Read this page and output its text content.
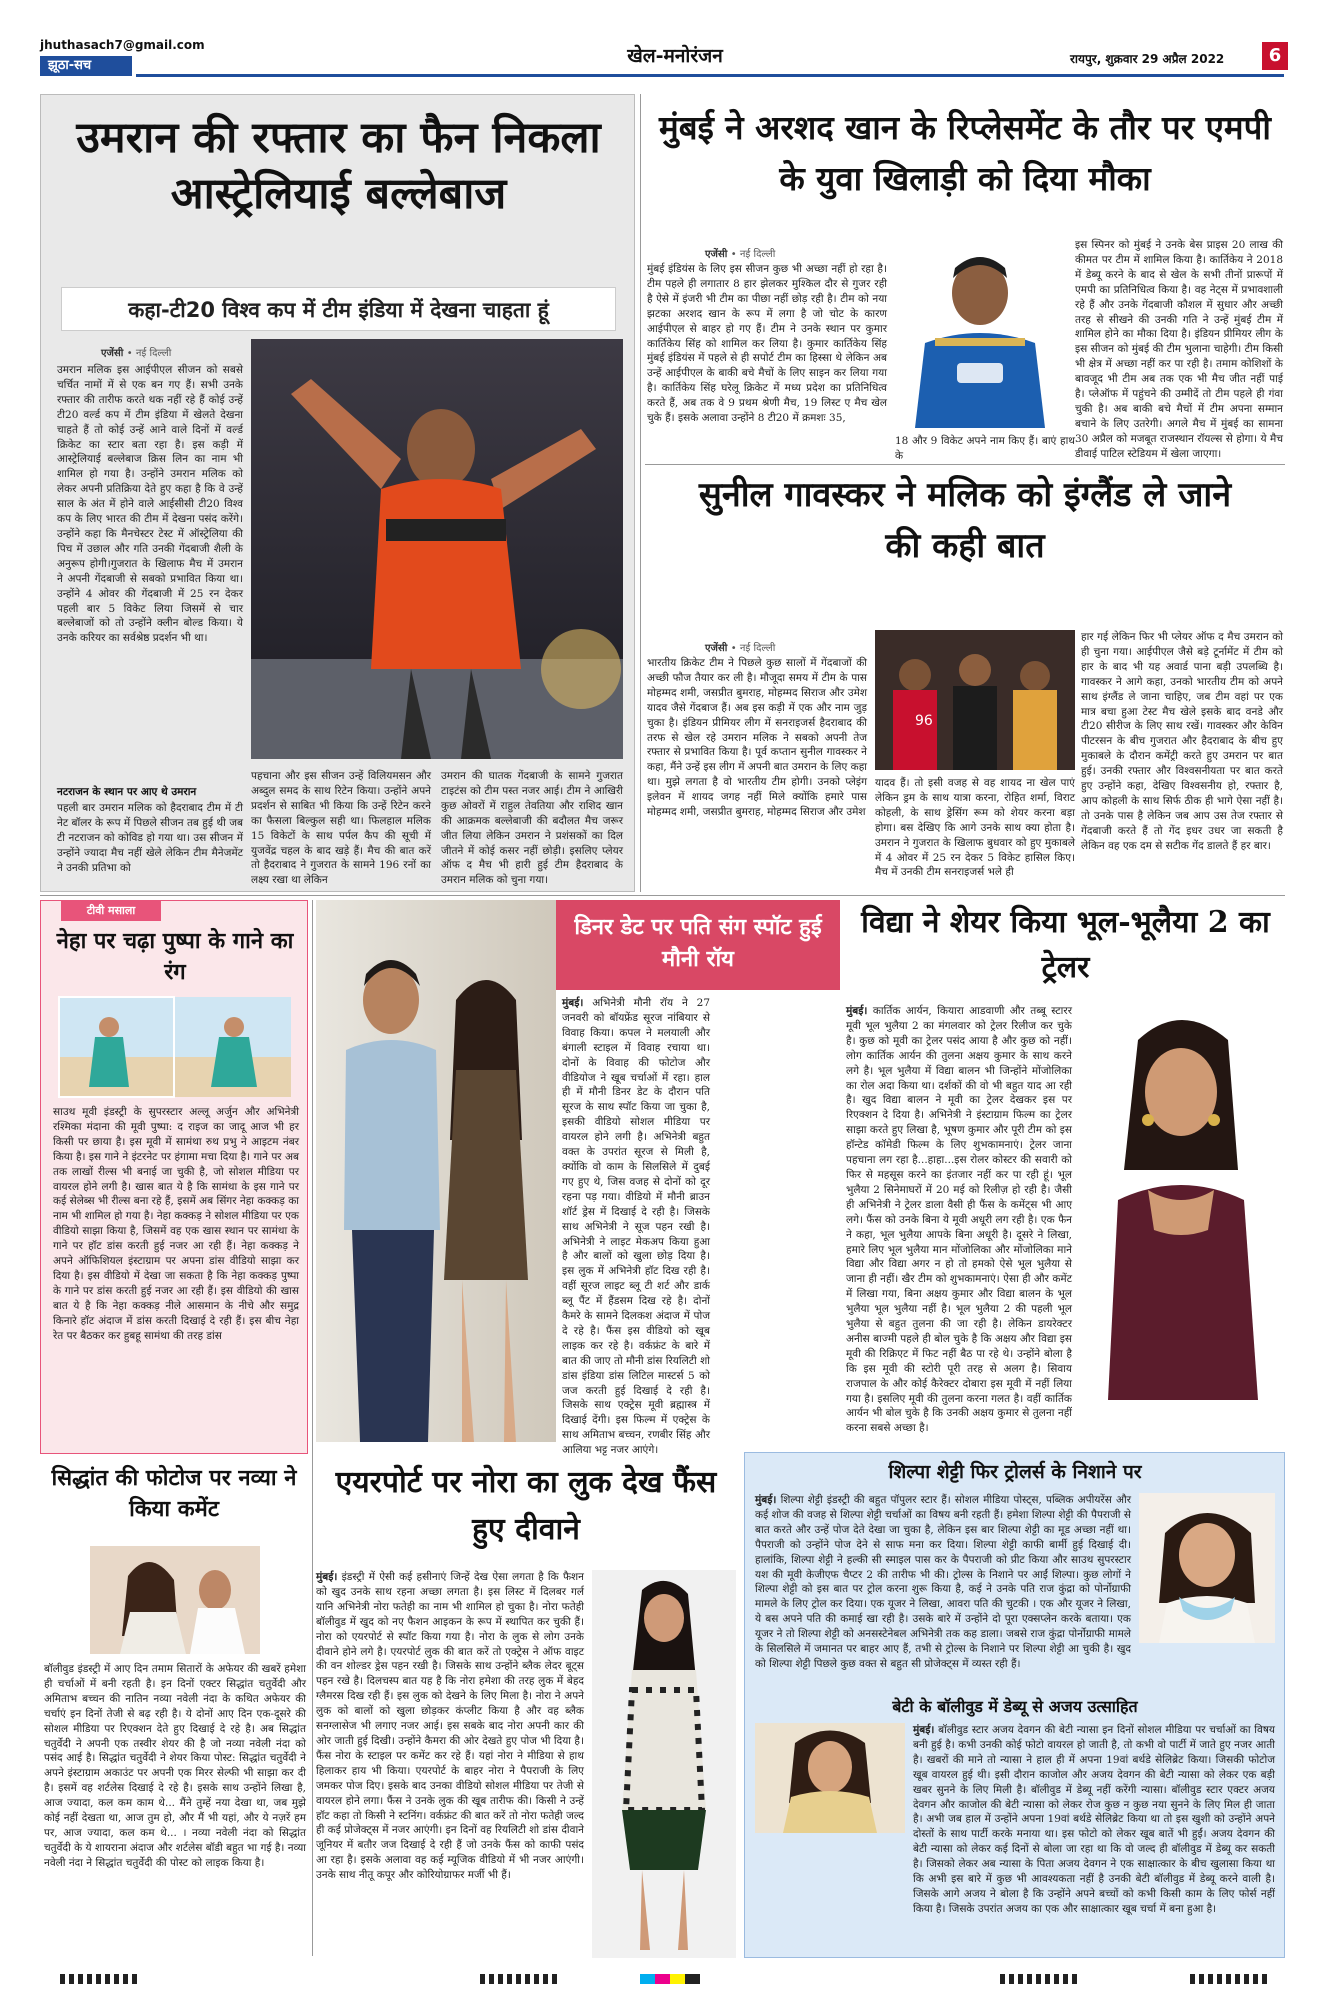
jhuthasach7@gmail.com
झूठा-सच	खेल-मनोरंजन	रायपुर, शुक्रवार 29 अप्रैल 2022	6
उमरान की रफ्तार का फैन निकला आस्ट्रेलियाई बल्लेबाज
कहा-टी20 विश्व कप में टीम इंडिया में देखना चाहता हूं
एजेंसी • नई दिल्ली
उमरान मलिक इस आईपीएल सीजन को सबसे चर्चित नामों में से एक बन गए हैं। सभी उनके रफ्तार की तारीफ करते थक नहीं रहे हैं कोई उन्हें टी20 वर्ल्ड कप में टीम इंडिया में खेलते देखना चाहते हैं तो कोई उन्हें आने वाले दिनों में वर्ल्ड क्रिकेट का स्टार बता रहा है। इस कड़ी में आस्ट्रेलियाई बल्लेबाज क्रिस लिन का नाम भी शामिल हो गया है। उन्होंने उमरान मलिक को लेकर अपनी प्रतिक्रिया देते हुए कहा है कि वे उन्हें साल के अंत में होने वाले आईसीसी टी20 विश्व कप के लिए भारत की टीम में देखना पसंद करेंगे। उन्होंने कहा कि मैनचेस्टर टेस्ट में ऑस्ट्रेलिया की पिच में उछाल और गति उनकी गेंदबाजी शैली के अनुरूप होगी।गुजरात के खिलाफ मैच में उमरान ने अपनी गेंदबाजी से सबको प्रभावित किया था। उन्होंने 4 ओवर की गेंदबाजी में 25 रन देकर पहली बार 5 विकेट लिया जिसमें से चार बल्लेबाजों को तो उन्होंने क्लीन बोल्ड किया। ये उनके करियर का सर्वश्रेष्ठ प्रदर्शन भी था।
नटराजन के स्थान पर आए थे उमरान
पहली बार उमरान मलिक को हैदराबाद टीम में टी नेट बॉलर के रूप में पिछले सीजन तब हुई थी जब टी नटराजन को कोविड हो गया था। उस सीजन में उन्होंने ज्यादा मैच नहीं खेले लेकिन टीम मैनेजमेंट ने उनकी प्रतिभा को
पहचाना और इस सीजन उन्हें विलियमसन और अब्दुल समद के साथ रिटेन किया। उन्होंने अपने प्रदर्शन से साबित भी किया कि उन्हें रिटेन करने का फैसला बिल्कुल सही था। फिलहाल मलिक 15 विकेटों के साथ पर्पल कैप की सूची में युजवेंद्र चहल के बाद खड़े हैं। मैच की बात करें तो हैदराबाद ने गुजरात के सामने 196 रनों का लक्ष्य रखा था लेकिन
उमरान की घातक गेंदबाजी के सामने गुजरात टाइटंस को टीम पस्त नजर आई। टीम ने आखिरी कुछ ओवरों में राहुल तेवतिया और राशिद खान की आक्रमक बल्लेबाजी की बदौलत मैच जरूर जीत लिया लेकिन उमरान ने प्रशंसकों का दिल जीतने में कोई कसर नहीं छोड़ी। इसलिए प्लेयर ऑफ द मैच भी हारी हुई टीम हैदराबाद के उमरान मलिक को चुना गया।
मुंबई ने अरशद खान के रिप्लेसमेंट के तौर पर एमपी के युवा खिलाड़ी को दिया मौका
एजेंसी • नई दिल्ली
मुंबई इंडियंस के लिए इस सीजन कुछ भी अच्छा नहीं हो रहा है। टीम पहले ही लगातार 8 हार झेलकर मुश्किल दौर से गुजर रही है ऐसे में इंजरी भी टीम का पीछा नहीं छोड़ रही है। टीम को नया झटका अरशद खान के रूप में लगा है जो चोट के कारण आईपीएल से बाहर हो गए हैं। टीम ने उनके स्थान पर कुमार कार्तिकेय सिंह को शामिल कर लिया है। कुमार कार्तिकेय सिंह मुंबई इंडियंस में पहले से ही सपोर्ट टीम का हिस्सा थे लेकिन अब उन्हें आईपीएल के बाकी बचे मैचों के लिए साइन कर लिया गया है। कार्तिकेय सिंह घरेलू क्रिकेट में मध्य प्रदेश का प्रतिनिधित्व करते हैं, अब तक वे 9 प्रथम श्रेणी मैच, 19 लिस्ट ए मैच खेल चुके हैं। इसके अलावा उन्होंने 8 टी20 में क्रमशः 35,
18 और 9 विकेट अपने नाम किए हैं। बाएं हाथ के
इस स्पिनर को मुंबई ने उनके बेस प्राइस 20 लाख की कीमत पर टीम में शामिल किया है। कार्तिकेय ने 2018 में डेब्यू करने के बाद से खेल के सभी तीनों प्रारूपों में एमपी का प्रतिनिधित्व किया है। वह नेट्स में प्रभावशाली रहे हैं और उनके गेंदबाजी कौशल में सुधार और अच्छी तरह से सीखने की उनकी गति ने उन्हें मुंबई टीम में शामिल होने का मौका दिया है। इंडियन प्रीमियर लीग के इस सीजन को मुंबई की टीम भुलाना चाहेगी। टीम किसी भी क्षेत्र में अच्छा नहीं कर पा रही है। तमाम कोशिशों के बावजूद भी टीम अब तक एक भी मैच जीत नहीं पाई है। प्लेऑफ में पहुंचने की उम्मीदें तो टीम पहले ही गंवा चुकी है। अब बाकी बचे मैचों में टीम अपना सम्मान बचाने के लिए उतरेगी। अगले मैच में मुंबई का सामना 30 अप्रैल को मजबूत राजस्थान रॉयल्स से होगा। ये मैच डीवाई पाटिल स्टेडियम में खेला जाएगा।
सुनील गावस्कर ने मलिक को इंग्लैंड ले जाने की कही बात
एजेंसी • नई दिल्ली
भारतीय क्रिकेट टीम ने पिछले कुछ सालों में गेंदबाजों की अच्छी फौज तैयार कर ली है। मौजूदा समय में टीम के पास मोहम्मद शमी, जसप्रीत बुमराह, मोहम्मद सिराज और उमेश यादव जैसे गेंदबाज हैं। अब इस कड़ी में एक और नाम जुड़ चुका है। इंडियन प्रीमियर लीग में सनराइजर्स हैदराबाद की तरफ से खेल रहे उमरान मलिक ने सबको अपनी तेज रफ्तार से प्रभावित किया है। पूर्व कप्तान सुनील गावस्कर ने कहा, मैंने उन्हें इस लीग में अपनी बात उमरान के लिए कहा था। मुझे लगता है वो भारतीय टीम होगी। उनको प्लेइंग इलेवन में शायद जगह नहीं मिले क्योंकि हमारे पास मोहम्मद शमी, जसप्रीत बुमराह, मोहम्मद सिराज और उमेश
96
यादव हैं। तो इसी वजह से वह शायद ना खेल पाएं लेकिन ड्रम के साथ यात्रा करना, रोहित शर्मा, विराट कोहली, के साथ ड्रेसिंग रूम को शेयर करना बड़ा होगा। बस देखिए कि आगे उनके साथ क्या होता है। उमरान ने गुजरात के खिलाफ बुधवार को हुए मुकाबले में 4 ओवर में 25 रन देकर 5 विकेट हासिल किए। मैच में उनकी टीम सनराइजर्स भले ही
हार गई लेकिन फिर भी प्लेयर ऑफ द मैच उमरान को ही चुना गया। आईपीएल जैसे बड़े टूर्नामेंट में टीम को हार के बाद भी यह अवार्ड पाना बड़ी उपलब्धि है। गावस्कर ने आगे कहा, उनको भारतीय टीम को अपने साथ इंग्लैंड ले जाना चाहिए, जब टीम वहां पर एक मात्र बचा हुआ टेस्ट मैच खेले इसके बाद वनडे और टी20 सीरीज के लिए साथ रखें। गावस्कर और केविन पीटरसन के बीच गुजरात और हैदराबाद के बीच हुए मुकाबले के दौरान कमेंट्री करते हुए उमरान पर बात हुई। उनकी रफ्तार और विश्वसनीयता पर बात करते हुए उन्होंने कहा, देखिए विश्वसनीय हो, रफ्तार है, आप कोहली के साथ सिर्फ ठीक ही भागे ऐसा नहीं है। तो उनके पास है लेकिन जब आप उस तेज रफ्तार से गेंदबाजी करते हैं तो गेंद इधर उधर जा सकती है लेकिन वह एक दम से सटीक गेंद डालते हैं हर बार।
टीवी मसाला
नेहा पर चढ़ा पुष्पा के गाने का रंग
साउथ मूवी इंडस्ट्री के सुपरस्टार अल्लू अर्जुन और अभिनेत्री रश्मिका मंदाना की मूवी पुष्पा: द राइज का जादू आज भी हर किसी पर छाया है। इस मूवी में सामंथा रुथ प्रभु ने आइटम नंबर किया है। इस गाने ने इंटरनेट पर हंगामा मचा दिया है। गाने पर अब तक लाखों रील्स भी बनाई जा चुकी है, जो सोशल मीडिया पर वायरल होने लगी है। खास बात ये है कि सामंथा के इस गाने पर कई सेलेब्स भी रील्स बना रहे हैं, इसमें अब सिंगर नेहा कक्कड़ का नाम भी शामिल हो गया है। नेहा कक्कड़ ने सोशल मीडिया पर एक वीडियो साझा किया है, जिसमें वह एक खास स्थान पर सामंथा के गाने पर हॉट डांस करती हुई नजर आ रही हैं। नेहा कक्कड़ ने अपने ऑफिशियल इंस्टाग्राम पर अपना डांस वीडियो साझा कर दिया है। इस वीडियो में देखा जा सकता है कि नेहा कक्कड़ पुष्पा के गाने पर डांस करती हुई नजर आ रही हैं। इस वीडियो की खास बात ये है कि नेहा कक्कड़ नीले आसमान के नीचे और समुद्र किनारे हॉट अंदाज में डांस करती दिखाई दे रही हैं। इस बीच नेहा रेत पर बैठकर कर हुबहू सामंथा की तरह डांस
सिद्धांत की फोटोज पर नव्या ने किया कमेंट
बॉलीवुड इंडस्ट्री में आए दिन तमाम सितारों के अफेयर की खबरें हमेशा ही चर्चाओं में बनी रहती है। इन दिनों एक्टर सिद्धांत चतुर्वेदी और अमिताभ बच्चन की नातिन नव्या नवेली नंदा के कथित अफेयर की चर्चाएं इन दिनों तेजी से बढ़ रही है। ये दोनों आए दिन एक-दूसरे की सोशल मीडिया पर रिएक्शन देते हुए दिखाई दे रहे है। अब सिद्धांत चतुर्वेदी ने अपनी एक तस्वीर शेयर की है जो नव्या नवेली नंदा को पसंद आई है। सिद्धांत चतुर्वेदी ने शेयर किया पोस्ट: सिद्धांत चतुर्वेदी ने अपने इंस्टाग्राम अकाउंट पर अपनी एक मिरर सेल्फी भी साझा कर दी है। इसमें वह शर्टलेस दिखाई दे रहे है। इसके साथ उन्होंने लिखा है, आज ज्यादा, कल कम काम थे... मैंने तुम्हें नया देखा था, जब मुझे कोई नहीं देखता था, आज तुम हो, और मैं भी यहां, और ये नज़रें हम पर, आज ज्यादा, कल कम थे... । नव्या नवेली नंदा को सिद्धांत चतुर्वेदी के ये शायराना अंदाज और शर्टलेस बॉडी बहुत भा गई है। नव्या नवेली नंदा ने सिद्धांत चतुर्वेदी की पोस्ट को लाइक किया है।
डिनर डेट पर पति संग स्पॉट हुई मौनी रॉय
मुंबई। अभिनेत्री मौनी रॉय ने 27 जनवरी को बॉयफ्रेंड सूरज नांबियार से विवाह किया। कपल ने मलयाली और बंगाली स्टाइल में विवाह रचाया था। दोनों के विवाह की फोटोज और वीडियोज ने खूब चर्चाओं में रहा। हाल ही में मौनी डिनर डेट के दौरान पति सूरज के साथ स्पॉट किया जा चुका है, इसकी वीडियो सोशल मीडिया पर वायरल होने लगी है। अभिनेत्री बहुत वक्त के उपरांत सूरज से मिली है, क्योंकि वो काम के सिलसिले में दुबई गए हुए थे, जिस वजह से दोनों को दूर रहना पड़ गया। वीडियो में मौनी ब्राउन शॉर्ट ड्रेस में दिखाई दे रही है। जिसके साथ अभिनेत्री ने सूज पहन रखी है। अभिनेत्री ने लाइट मेकअप किया हुआ है और बालों को खुला छोड़ दिया है। इस लुक में अभिनेत्री हॉट दिख रही है। वहीं सूरज लाइट ब्लू टी शर्ट और डार्क ब्लू पैंट में हैंडसम दिख रहे है। दोनों कैमरे के सामने दिलकश अंदाज में पोज दे रहे है। फैंस इस वीडियो को खूब लाइक कर रहे है। वर्कफ्रंट के बारे में बात की जाए तो मौनी डांस रियलिटी शो डांस इंडिया डांस लिटिल मास्टर्स 5 को जज करती हुई दिखाई दे रही है। जिसके साथ एक्ट्रेस मूवी ब्रह्मास्त्र में दिखाई देंगी। इस फिल्म में एक्ट्रेस के साथ अमिताभ बच्चन, रणबीर सिंह और आलिया भट्ट नजर आएंगे।
विद्या ने शेयर किया भूल-भूलैया 2 का ट्रेलर
मुंबई। कार्तिक आर्यन, कियारा आडवाणी और तब्बू स्टारर मूवी भूल भुलैया 2 का मंगलवार को ट्रेलर रिलीज कर चुके है। कुछ को मूवी का ट्रेलर पसंद आया है और कुछ को नहीं। लोग कार्तिक आर्यन की तुलना अक्षय कुमार के साथ करने लगे है। भूल भुलैया में विद्या बालन भी जिन्होंने मोंजोलिका का रोल अदा किया था। दर्शकों की वो भी बहुत याद आ रही है। खुद विद्या बालन ने मूवी का ट्रेलर देखकर इस पर रिएक्शन दे दिया है। अभिनेत्री ने इंस्टाग्राम फिल्म का ट्रेलर साझा करते हुए लिखा है, भूषण कुमार और पूरी टीम को इस हॉन्टेड कॉमेडी फिल्म के लिए शुभकामनाएं। ट्रेलर जाना पहचाना लग रहा है...हाहा...इस रोलर कोस्टर की सवारी को फिर से महसूस करने का इंतजार नहीं कर पा रही हूं। भूल भुलैया 2 सिनेमाघरों में 20 मई को रिलीज़ हो रही है। जैसी ही अभिनेत्री ने ट्रेलर डाला वैसी ही फैंस के कमेंट्स भी आए लगे। फैंस को उनके बिना ये मूवी अधूरी लग रही है। एक फैन ने कहा, भूल भुलैया आपके बिना अधूरी है। दूसरे ने लिखा, हमारे लिए भूल भुलैया मान मोंजोलिका और मोंजोलिका माने विद्या और विद्या अगर न हो तो हमको ऐसे भूल भुलैया से जाना ही नहीं। खैर टीम को शुभकामनाएं। ऐसा ही और कमेंट में लिखा गया, बिना अक्षय कुमार और विद्या बालन के भूल भुलैया भूल भुलैया नहीं है। भूल भुलैया 2 की पहली भूल भुलैया से बहुत तुलना की जा रही है। लेकिन डायरेक्टर अनीस बाज्मी पहले ही बोल चुके है कि अक्षय और विद्या इस मूवी की रिक्रिएट में फिट नहीं बैठ पा रहे थे। उन्होंने बोला है कि इस मूवी की स्टोरी पूरी तरह से अलग है। सिवाय राजपाल के और कोई कैरेक्टर दोबारा इस मूवी में नहीं लिया गया है। इसलिए मूवी की तुलना करना गलत है। वहीं कार्तिक आर्यन भी बोल चुके है कि उनकी अक्षय कुमार से तुलना नहीं करना सबसे अच्छा है।
एयरपोर्ट पर नोरा का लुक देख फैंस हुए दीवाने
मुंबई। इंडस्ट्री में ऐसी कई हसीनाएं जिन्हें देख ऐसा लगता है कि फैशन को खुद उनके साथ रहना अच्छा लगता है। इस लिस्ट में दिलबर गर्ल यानि अभिनेत्री नोरा फतेही का नाम भी शामिल हो चुका है। नोरा फतेही बॉलीवुड में खुद को नए फैशन आइकन के रूप में स्थापित कर चुकी हैं। नोरा को एयरपोर्ट से स्पॉट किया गया है। नोरा के लुक से लोग उनके दीवाने होने लगे है। एयरपोर्ट लुक की बात करें तो एक्ट्रेस ने ऑफ वाइट की वन शोल्डर ड्रेस पहन रखी है। जिसके साथ उन्होंने ब्लैक लेदर बूट्स पहन रखे है। दिलचस्प बात यह है कि नोरा हमेशा की तरह लुक में बेहद ग्लैमरस दिख रही हैं। इस लुक को देखने के लिए मिला है। नोरा ने अपने लुक को बालों को खुला छोड़कर कंप्लीट किया है और वह ब्लैक सनग्लासेज भी लगाए नजर आई। इस सबके बाद नोरा अपनी कार की ओर जाती हुई दिखी। उन्होंने कैमरा की ओर देखते हुए पोज भी दिया है। फैंस नोरा के स्टाइल पर कमेंट कर रहे हैं। यहां नोरा ने मीडिया से हाथ हिलाकर हाय भी किया। एयरपोर्ट के बाहर नोरा ने पैपराजी के लिए जमकर पोज दिए। इसके बाद उनका वीडियो सोशल मीडिया पर तेजी से वायरल होने लगा। फैंस ने उनके लुक की खूब तारीफ की। किसी ने उन्हें हॉट कहा तो किसी ने स्टनिंग। वर्कफ्रंट की बात करें तो नोरा फतेही जल्द ही कई प्रोजेक्ट्स में नजर आएंगी। इन दिनों वह रियलिटी शो डांस दीवाने जूनियर में बतौर जज दिखाई दे रही हैं जो उनके फैंस को काफी पसंद आ रहा है। इसके अलावा वह कई म्यूजिक वीडियो में भी नजर आएंगी। उनके साथ नीतू कपूर और कोरियोग्राफर मर्जी भी हैं।
शिल्पा शेट्टी फिर ट्रोलर्स के निशाने पर
मुंबई। शिल्पा शेट्टी इंडस्ट्री की बहुत पॉपुलर स्टार हैं। सोशल मीडिया पोस्ट्स, पब्लिक अपीयरेंस और कई शोज की वजह से शिल्पा शेट्टी चर्चाओं का विषय बनी रहती हैं। हमेशा शिल्पा शेट्टी की पैपराजी से बात करते और उन्हें पोज देते देखा जा चुका है, लेकिन इस बार शिल्पा शेट्टी का मूड अच्छा नहीं था। पैपराजी को उन्होंने पोज देने से साफ मना कर दिया। शिल्पा शेट्टी काफी बार्मी हुई दिखाई दी। हालांकि, शिल्पा शेट्टी ने हल्की सी स्माइल पास कर के पैपराजी को प्रीट किया और साउथ सुपरस्टार यश की मूवी केजीएफ चैप्टर 2 की तारीफ भी की। ट्रोल्स के निशाने पर आईं शिल्पा। कुछ लोगों ने शिल्पा शेट्टी को इस बात पर ट्रोल करना शुरू किया है, कई ने उनके पति राज कुंद्रा को पोर्नोग्राफी मामले के लिए ट्रोल कर दिया। एक यूजर ने लिखा, आवरा पति की चुटकी । एक और यूजर ने लिखा, ये बस अपने पति की कमाई खा रही है। उसके बारे में उन्होंने दो पूरा एक्सप्लेन करके बताया। एक यूजर ने तो शिल्पा शेट्टी को अनसस्टेनेबल अभिनेत्री तक कह डाला। जबसे राज कुंद्रा पोर्नोग्राफी मामले के सिलसिले में जमानत पर बाहर आए हैं, तभी से ट्रोल्स के निशाने पर शिल्पा शेट्टी आ चुकी है। खुद को शिल्पा शेट्टी पिछले कुछ वक्त से बहुत सी प्रोजेक्ट्स में व्यस्त रही हैं।
बेटी के बॉलीवुड में डेब्यू से अजय उत्साहित
मुंबई। बॉलीवुड स्टार अजय देवगन की बेटी न्यासा इन दिनों सोशल मीडिया पर चर्चाओं का विषय बनी हुई है। कभी उनकी कोई फोटो वायरल हो जाती है, तो कभी वो पार्टी में जाते हुए नजर आती है। खबरों की माने तो न्यासा ने हाल ही में अपना 19वां बर्थडे सेलिब्रेट किया। जिसकी फोटोज खूब वायरल हुई थी। इसी दौरान काजोल और अजय देवगन की बेटी न्यासा को लेकर एक बड़ी खबर सुनने के लिए मिली है। बॉलीवुड में डेब्यू नहीं करेंगी न्यासा। बॉलीवुड स्टार एक्टर अजय देवगन और काजोल की बेटी न्यासा को लेकर रोज कुछ न कुछ नया सुनने के लिए मिल ही जाता है। अभी जब हाल में उन्होंने अपना 19वां बर्थडे सेलिब्रेट किया था तो इस खुशी को उन्होंने अपने दोस्तों के साथ पार्टी करके मनाया था। इस फोटो को लेकर खूब बातें भी हुईं। अजय देवगन की बेटी न्यासा को लेकर कई दिनों से बोला जा रहा था कि वो जल्द ही बॉलीवुड में डेब्यू कर सकती है। जिसको लेकर अब न्यासा के पिता अजय देवगन ने एक साक्षात्कार के बीच खुलासा किया था कि अभी इस बारे में कुछ भी आवश्यकता नहीं है उनकी बेटी बॉलीवुड में डेब्यू करने वाली है। जिसके आगे अजय ने बोला है कि उन्होंने अपने बच्चों को कभी किसी काम के लिए फोर्स नहीं किया है। जिसके उपरांत अजय का एक और साक्षात्कार खूब चर्चा में बना हुआ है।
